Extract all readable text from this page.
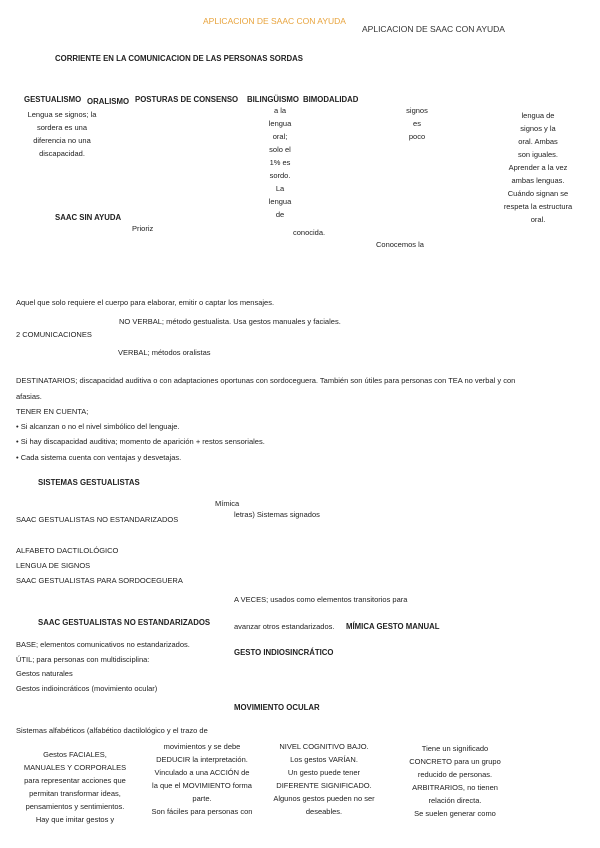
APLICACION DE SAAC CON AYUDA
APLICACION DE SAAC CON AYUDA
CORRIENTE EN LA COMUNICACION DE LAS PERSONAS SORDAS
GESTUALISMO ORALISMO POSTURAS DE CONSENSO BILINGÜISMO BIMODALIDAD
Lengua se signos; la
sordera es una
diferencia no una
discapacidad.
a la
lengua
oral;
solo el
1% es
sordo.
La
lengua
de
conocida.
Prioriz
signos
es
poco
Conocemos la
lengua de
signos y la
oral. Ambas
son iguales.
Aprender a la vez
ambas lenguas.
Cuándo signan se
respeta la estructura
oral.
SAAC SIN AYUDA
Aquel que solo requiere el cuerpo para elaborar, emitir o captar los mensajes.
NO VERBAL; método gestualista. Usa gestos manuales y faciales.
2 COMUNICACIONES
VERBAL; métodos oralistas
DESTINATARIOS; discapacidad auditiva o con adaptaciones oportunas con sordoceguera. También son útiles para personas con TEA no verbal y con
afasias.
TENER EN CUENTA;
• Si alcanzan o no el nivel simbólico del lenguaje.
• Si hay discapacidad auditiva; momento de aparición + restos sensoriales.
• Cada sistema cuenta con ventajas y desvetajas.
SISTEMAS GESTUALISTAS
Mímica
letras) Sistemas signados
SAAC GESTUALISTAS NO ESTANDARIZADOS
ALFABETO DACTILOLÓGICO
LENGUA DE SIGNOS
SAAC GESTUALISTAS PARA SORDOCEGUERA
A VECES; usados como elementos transitorios para
SAAC GESTUALISTAS NO ESTANDARIZADOS	avanzar otros estandarizados. MÍMICA GESTO MANUAL
BASE; elementos comunicativos no estandarizados.
GESTO INDIOSINCRÁTICO
ÚTIL; para personas con multidisciplina:
Gestos naturales
Gestos indioincráticos (movimiento ocular)
MOVIMIENTO OCULAR
Sistemas alfabéticos (alfabético dactilológico y el trazo de
Gestos FACIALES,
MANUALES Y CORPORALES
para representar acciones que
permitan transformar ideas,
pensamientos y sentimientos.
Hay que imitar gestos y
movimientos y se debe
DEDUCIR la interpretación.
Vinculado a una ACCIÓN de
la que el MOVIMIENTO forma
parte.
Son fáciles para personas con
NIVEL COGNITIVO BAJO.
Los gestos VARÍAN.
Un gesto puede tener
DIFERENTE SIGNIFICADO.
Algunos gestos pueden no ser
deseables.
Tiene un significado
CONCRETO para un grupo
reducido de personas.
ARBITRARIOS, no tienen
relación directa.
Se suelen generar como
